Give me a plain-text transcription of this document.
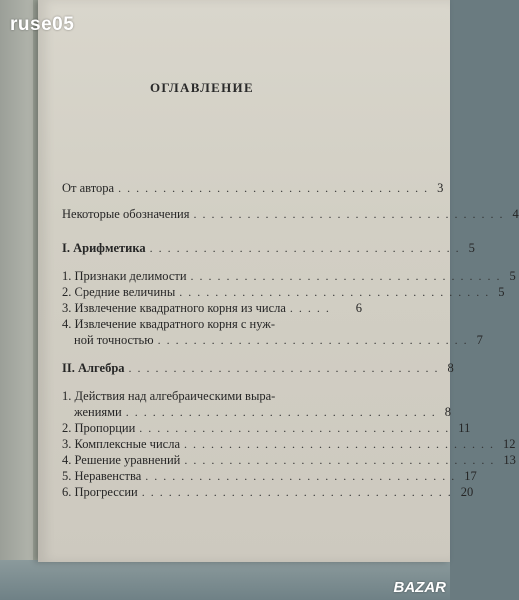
ОГЛАВЛЕНИЕ
От автора ................................... 3
Некоторые обозначения ................................... 4
I. Арифметика ................................... 5
1. Признаки делимости ................................... 5
2. Средние величины ................................... 5
3. Извлечение квадратного корня из числа .....	6
4. Извлечение квадратного корня с нуж-
ной точностью ................................... 7
II. Алгебра ................................... 8
1. Действия над алгебраическими выра-
жениями ................................... 8
2. Пропорции ................................... 11
3. Комплексные числа ................................... 12
4. Решение уравнений ................................... 13
5. Неравенства ................................... 17
6. Прогрессии ................................... 20
ruse05
BAZAR
